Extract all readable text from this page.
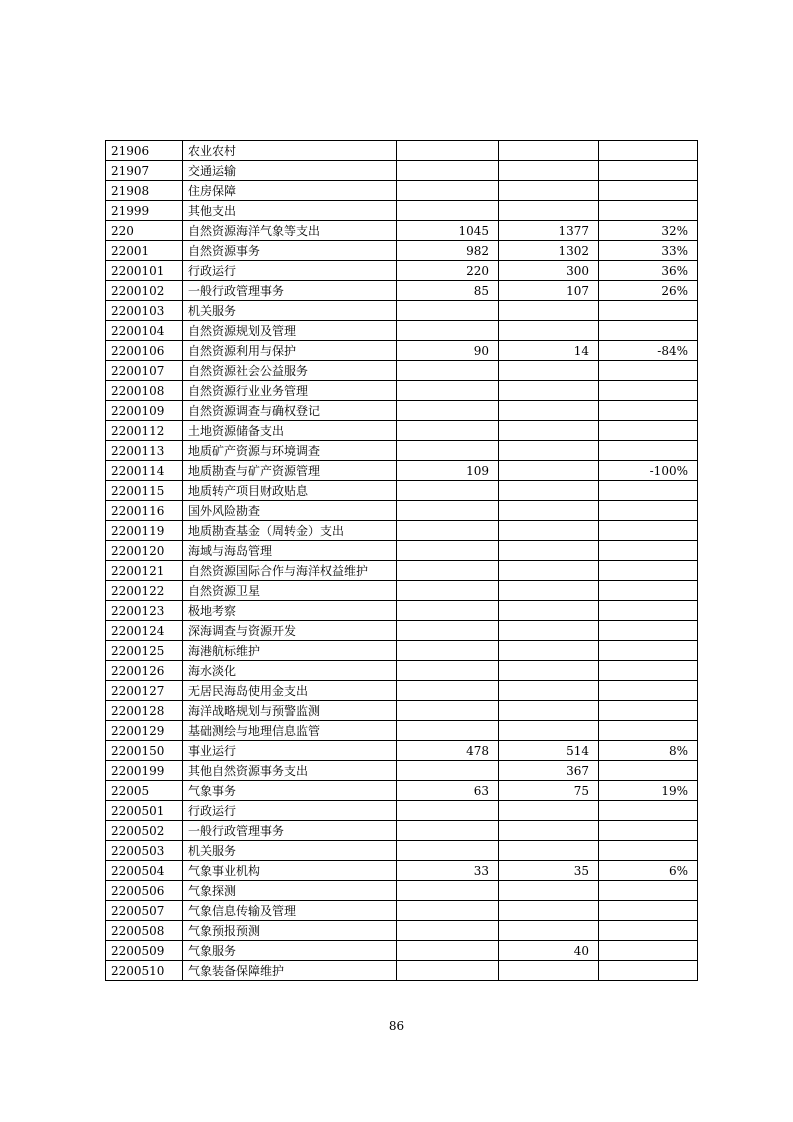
21906	农业农村			
21907	交通运输			
21908	住房保障			
21999	其他支出			
220	自然资源海洋气象等支出	1045	1377	32%
22001	自然资源事务	982	1302	33%
2200101	行政运行	220	300	36%
2200102	一般行政管理事务	85	107	26%
2200103	机关服务			
2200104	自然资源规划及管理			
2200106	自然资源利用与保护	90	14	-84%
2200107	自然资源社会公益服务			
2200108	自然资源行业业务管理			
2200109	自然资源调查与确权登记			
2200112	土地资源储备支出			
2200113	地质矿产资源与环境调查			
2200114	地质勘查与矿产资源管理	109		-100%
2200115	地质转产项目财政贴息			
2200116	国外风险勘查			
2200119	地质勘查基金（周转金）支出			
2200120	海域与海岛管理			
2200121	自然资源国际合作与海洋权益维护			
2200122	自然资源卫星			
2200123	极地考察			
2200124	深海调查与资源开发			
2200125	海港航标维护			
2200126	海水淡化			
2200127	无居民海岛使用金支出			
2200128	海洋战略规划与预警监测			
2200129	基础测绘与地理信息监管			
2200150	事业运行	478	514	8%
2200199	其他自然资源事务支出		367	
22005	气象事务	63	75	19%
2200501	行政运行			
2200502	一般行政管理事务			
2200503	机关服务			
2200504	气象事业机构	33	35	6%
2200506	气象探测			
2200507	气象信息传输及管理			
2200508	气象预报预测			
2200509	气象服务		40	
2200510	气象装备保障维护			
86
